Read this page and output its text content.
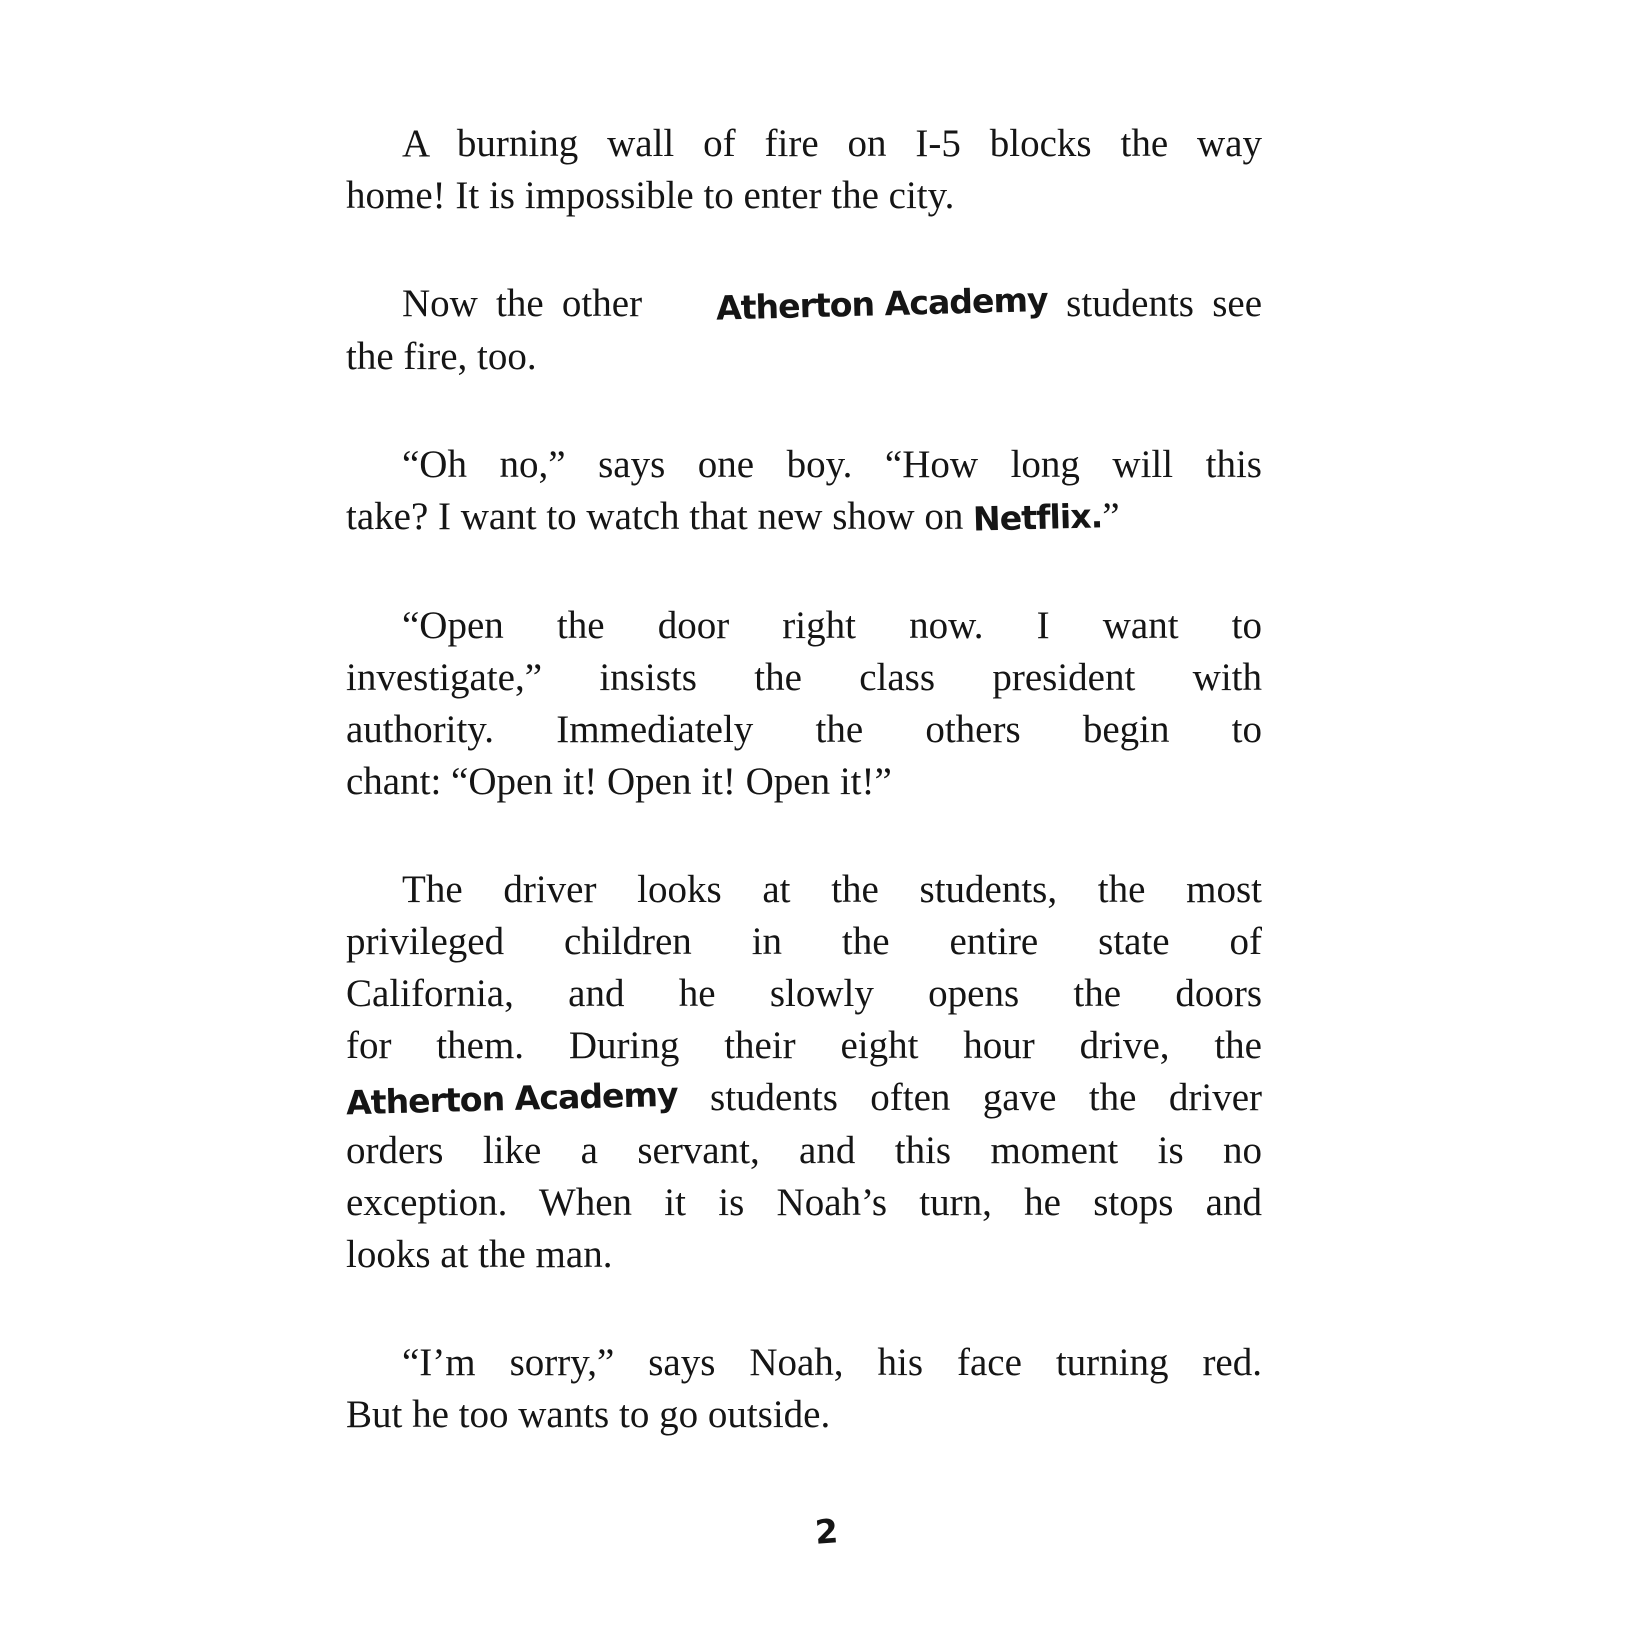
A burning wall of fire on I-5 blocks the way
home! It is impossible to enter the city.
Now the other Atherton Academy students see
the fire, too.
“Oh no,” says one boy. “How long will this
take? I want to watch that new show on Netflix.”
“Open the door right now. I want to
investigate,” insists the class president with
authority. Immediately the others begin to
chant: “Open it! Open it! Open it!”
The driver looks at the students, the most
privileged children in the entire state of
California, and he slowly opens the doors
for them. During their eight hour drive, the
Atherton Academy students often gave the driver
orders like a servant, and this moment is no
exception. When it is Noah’s turn, he stops and
looks at the man.
“I’m sorry,” says Noah, his face turning red.
But he too wants to go outside.
2
